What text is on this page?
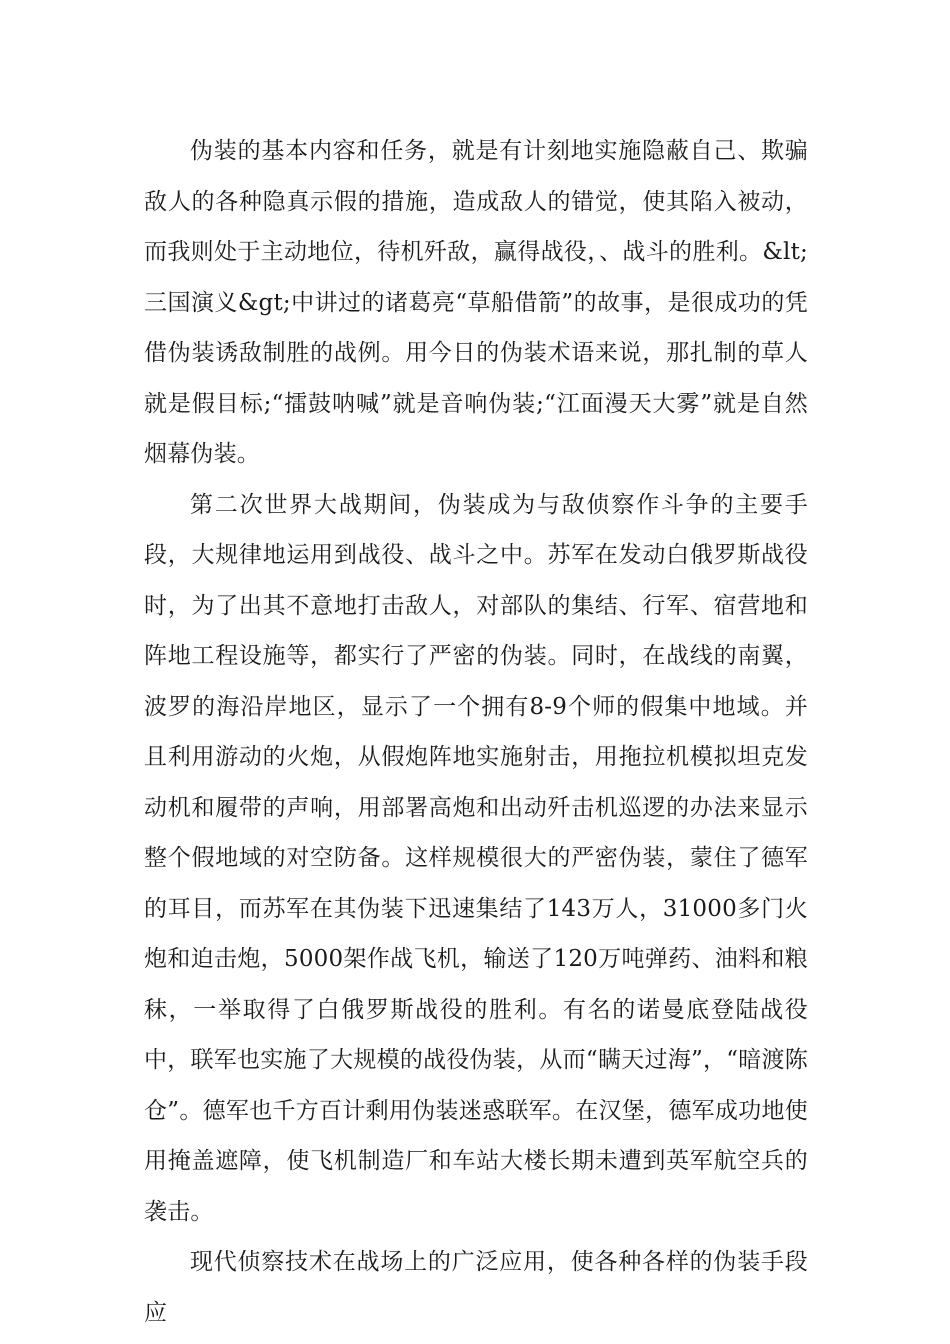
伪装的基本内容和任务，就是有计刻地实施隐蔽自己、欺骗敌人的各种隐真示假的措施，造成敌人的错觉，使其陷入被动，而我则处于主动地位，待机歼敌，赢得战役，、战斗的胜利。&lt;三国演义&gt;中讲过的诸葛亮“草船借箭”的故事，是很成功的凭借伪装诱敌制胜的战例。用今日的伪装术语来说，那扎制的草人就是假目标;“擂鼓呐喊”就是音响伪装;“江面漫天大雾”就是自然烟幕伪装。

第二次世界大战期间，伪装成为与敌侦察作斗争的主要手段，大规律地运用到战役、战斗之中。苏军在发动白俄罗斯战役时，为了出其不意地打击敌人，对部队的集结、行军、宿营地和阵地工程设施等，都实行了严密的伪装。同时，在战线的南翼，波罗的海沿岸地区，显示了一个拥有8-9个师的假集中地域。并且利用游动的火炮，从假炮阵地实施射击，用拖拉机模拟坦克发动机和履带的声响，用部署高炮和出动歼击机巡逻的办法来显示整个假地域的对空防备。这样规模很大的严密伪装，蒙住了德军的耳目，而苏军在其伪装下迅速集结了143万人，31000多门火炮和迫击炮，5000架作战飞机，输送了120万吨弹药、油料和粮秣，一举取得了白俄罗斯战役的胜利。有名的诺曼底登陆战役中，联军也实施了大规模的战役伪装，从而“瞒天过海”，“暗渡陈仓”。德军也千方百计剩用伪装迷惑联军。在汉堡，德军成功地使用掩盖遮障，使飞机制造厂和车站大楼长期未遭到英军航空兵的袭击。

现代侦察技术在战场上的广泛应用，使各种各样的伪装手段应
